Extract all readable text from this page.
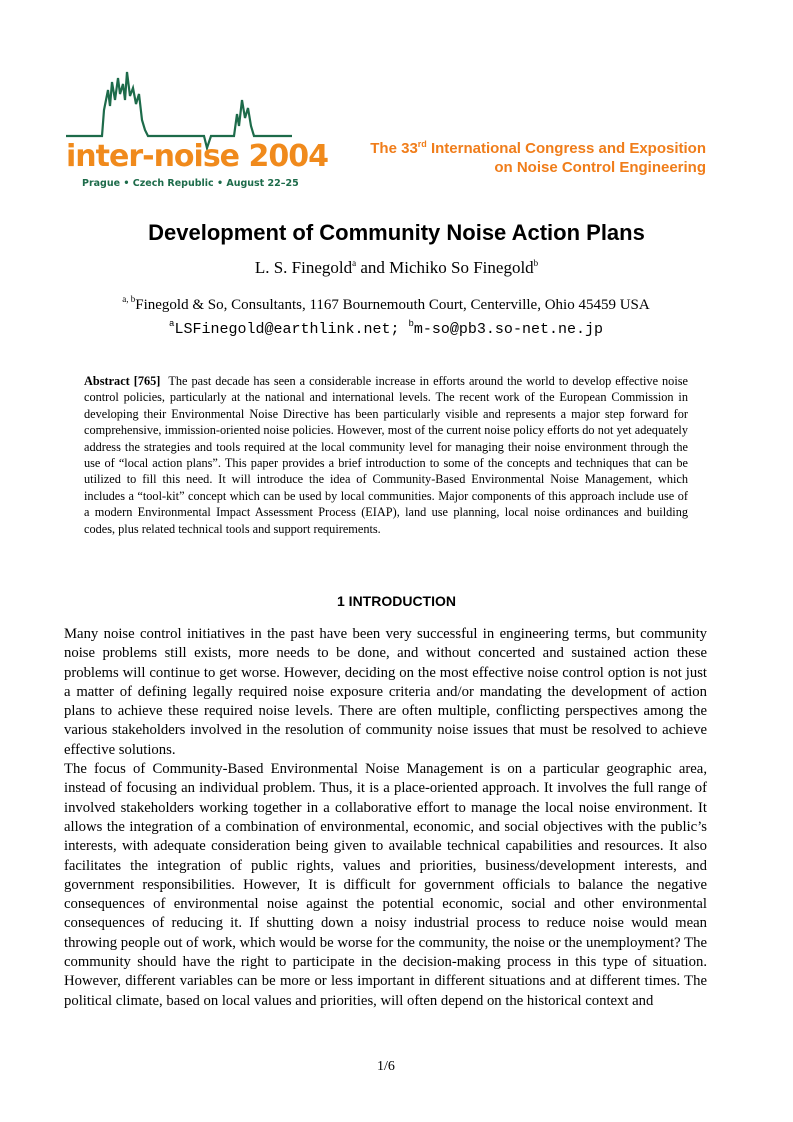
inter-noise 2004
Prague • Czech Republic • August 22–25
The 33rd International Congress and Exposition
on Noise Control Engineering
Development of Community Noise Action Plans
L. S. Finegold$^a$ and Michiko So Finegold$^b$
$^{a, b}$Finegold & So, Consultants, 1167 Bournemouth Court, Centerville, Ohio 45459 USA
$^a$LSFinegold@earthlink.net; $^b$m-so@pb3.so-net.ne.jp

Abstract [765] The past decade has seen a considerable increase in efforts around the world to develop effective noise control policies, particularly at the national and international levels. The recent work of the European Commission in developing their Environmental Noise Directive has been particularly visible and represents a major step forward for comprehensive, immission-oriented noise policies. However, most of the current noise policy efforts do not yet adequately address the strategies and tools required at the local community level for managing their noise environment through the use of “local action plans”. This paper provides a brief introduction to some of the concepts and techniques that can be utilized to fill this need. It will introduce the idea of Community-Based Environmental Noise Management, which includes a “tool-kit” concept which can be used by local communities. Major components of this approach include use of a modern Environmental Impact Assessment Process (EIAP), land use planning, local noise ordinances and building codes, plus related technical tools and support requirements.

1 INTRODUCTION

Many noise control initiatives in the past have been very successful in engineering terms, but community noise problems still exists, more needs to be done, and without concerted and sustained action these problems will continue to get worse. However, deciding on the most effective noise control option is not just a matter of defining legally required noise exposure criteria and/or mandating the development of action plans to achieve these required noise levels. There are often multiple, conflicting perspectives among the various stakeholders involved in the resolution of community noise issues that must be resolved to achieve effective solutions.

The focus of Community-Based Environmental Noise Management is on a particular geographic area, instead of focusing an individual problem. Thus, it is a place-oriented approach. It involves the full range of involved stakeholders working together in a collaborative effort to manage the local noise environment. It allows the integration of a combination of environmental, economic, and social objectives with the public’s interests, with adequate consideration being given to available technical capabilities and resources. It also facilitates the integration of public rights, values and priorities, business/development interests, and government responsibilities. However, It is difficult for government officials to balance the negative consequences of environmental noise against the potential economic, social and other environmental consequences of reducing it. If shutting down a noisy industrial process to reduce noise would mean throwing people out of work, which would be worse for the community, the noise or the unemployment? The community should have the right to participate in the decision-making process in this type of situation. However, different variables can be more or less important in different situations and at different times. The political climate, based on local values and priorities, will often depend on the historical context and

1/6
